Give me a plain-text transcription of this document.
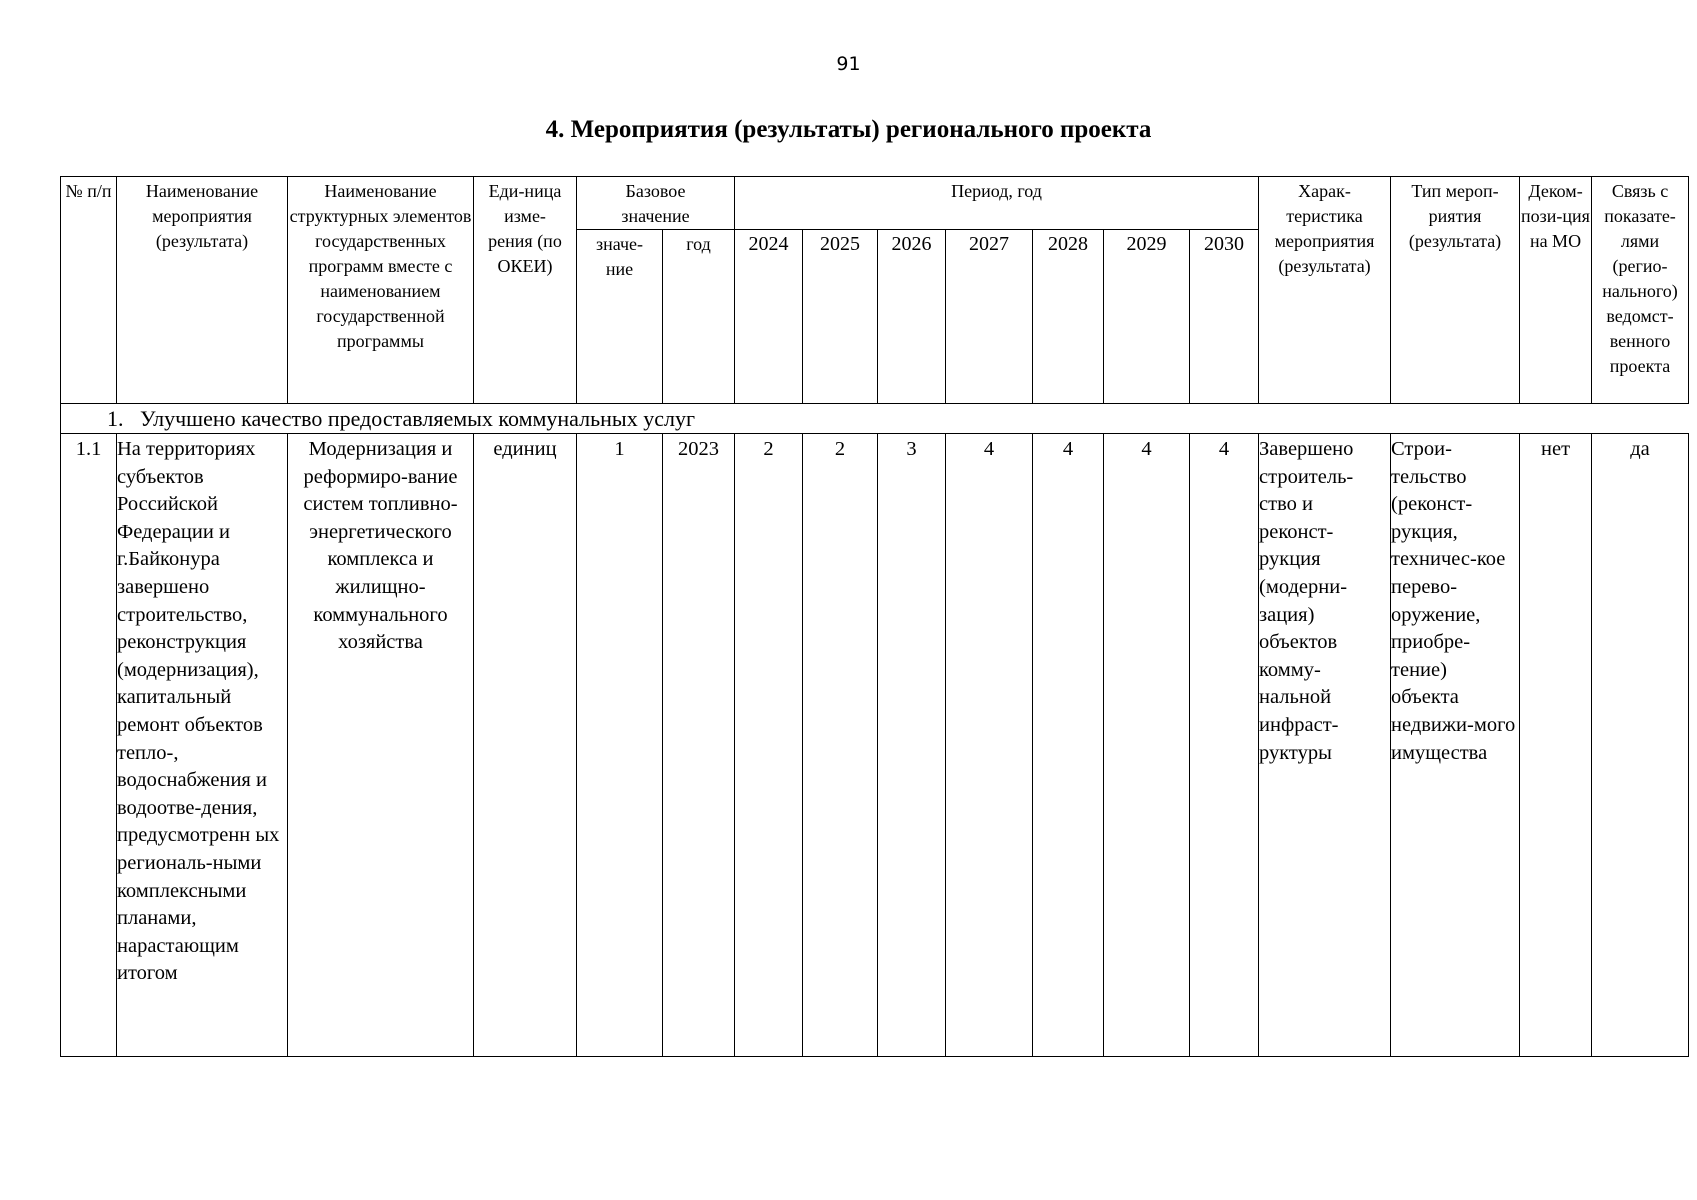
91
4. Мероприятия (результаты) регионального проекта
№ п/п	Наименование мероприятия (результата)	Наименование структурных элементов государственных программ вместе с наименованием государственной программы	Еди-ница изме-рения (по ОКЕИ)	Базовое значение		Период, год							Харак-теристика мероприятия (результата)	Тип мероп-риятия (результата)	Деком-пози-ция на МО	Связь с показате-лями (регио-нального) ведомст-венного проекта
				значе-ние	год	2024	2025	2026	2027	2028	2029	2030				
1. Улучшено качество предоставляемых коммунальных услуг																
1.1	На территориях субъектов Российской Федерации и г.Байконура завершено строительство, реконструкция (модернизация), капитальный ремонт объектов тепло-, водоснабжения и водоотве-дения, предусмотренн ых региональ-ными комплексными планами, нарастающим итогом	Модернизация и реформиро-вание систем топливно-энергетического комплекса и жилищно-коммунального хозяйства	единиц	1	2023	2	2	3	4	4	4	4	Завершено строитель-ство и реконст-рукция (модерни-зация) объектов комму-нальной инфраст-руктуры	Строи-тельство (реконст-рукция, техничес-кое перево-оружение, приобре-тение) объекта недвижи-мого имущества	нет	да
